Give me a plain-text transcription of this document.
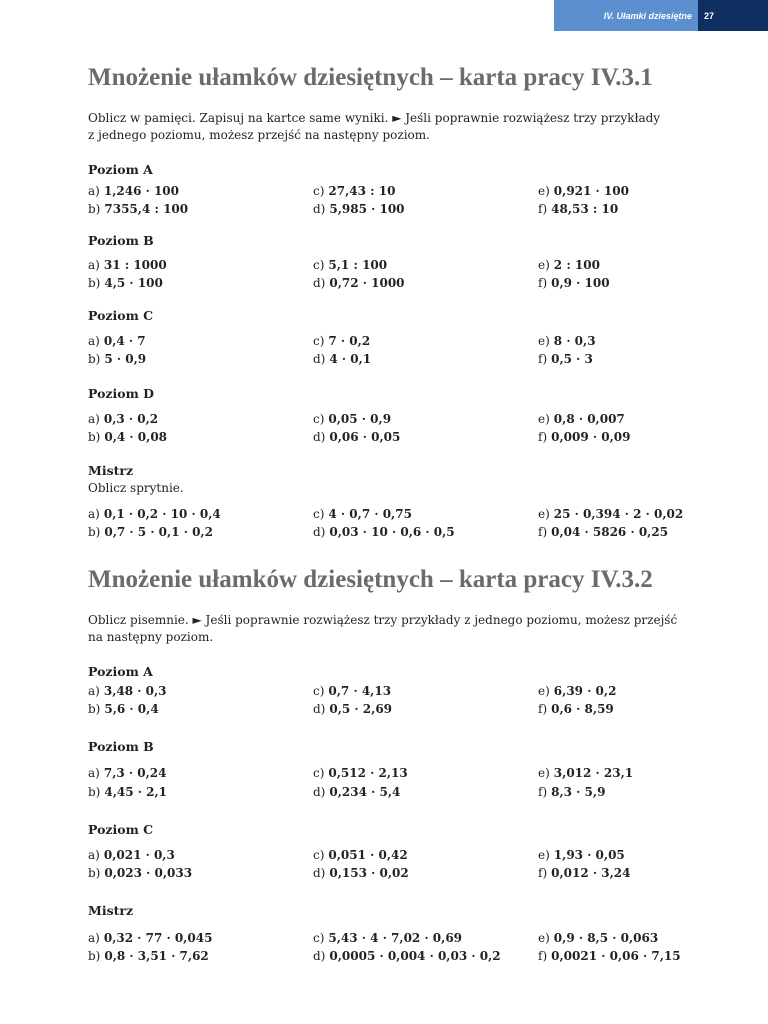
IV. Ułamki dziesiętne	27
Mnożenie ułamków dziesiętnych – karta pracy IV.3.1
Oblicz w pamięci. Zapisuj na kartce same wyniki. ► Jeśli poprawnie rozwiążesz trzy przykłady
z jednego poziomu, możesz przejść na następny poziom.
Poziom A
a) 1,246 · 100	c) 27,43 : 10	e) 0,921 · 100
b) 7355,4 : 100	d) 5,985 · 100	f) 48,53 : 10
Poziom B
a) 31 : 1000	c) 5,1 : 100	e) 2 : 100
b) 4,5 · 100	d) 0,72 · 1000	f) 0,9 · 100
Poziom C
a) 0,4 · 7	c) 7 · 0,2	e) 8 · 0,3
b) 5 · 0,9	d) 4 · 0,1	f) 0,5 · 3
Poziom D
a) 0,3 · 0,2	c) 0,05 · 0,9	e) 0,8 · 0,007
b) 0,4 · 0,08	d) 0,06 · 0,05	f) 0,009 · 0,09
Mistrz
Oblicz sprytnie.
a) 0,1 · 0,2 · 10 · 0,4	c) 4 · 0,7 · 0,75	e) 25 · 0,394 · 2 · 0,02
b) 0,7 · 5 · 0,1 · 0,2	d) 0,03 · 10 · 0,6 · 0,5	f) 0,04 · 5826 · 0,25
Mnożenie ułamków dziesiętnych – karta pracy IV.3.2
Oblicz pisemnie. ► Jeśli poprawnie rozwiążesz trzy przykłady z jednego poziomu, możesz przejść
na następny poziom.
Poziom A
a) 3,48 · 0,3	c) 0,7 · 4,13	e) 6,39 · 0,2
b) 5,6 · 0,4	d) 0,5 · 2,69	f) 0,6 · 8,59
Poziom B
a) 7,3 · 0,24	c) 0,512 · 2,13	e) 3,012 · 23,1
b) 4,45 · 2,1	d) 0,234 · 5,4	f) 8,3 · 5,9
Poziom C
a) 0,021 · 0,3	c) 0,051 · 0,42	e) 1,93 · 0,05
b) 0,023 · 0,033	d) 0,153 · 0,02	f) 0,012 · 3,24
Mistrz
a) 0,32 · 77 · 0,045	c) 5,43 · 4 · 7,02 · 0,69	e) 0,9 · 8,5 · 0,063
b) 0,8 · 3,51 · 7,62	d) 0,0005 · 0,004 · 0,03 · 0,2	f) 0,0021 · 0,06 · 7,15
